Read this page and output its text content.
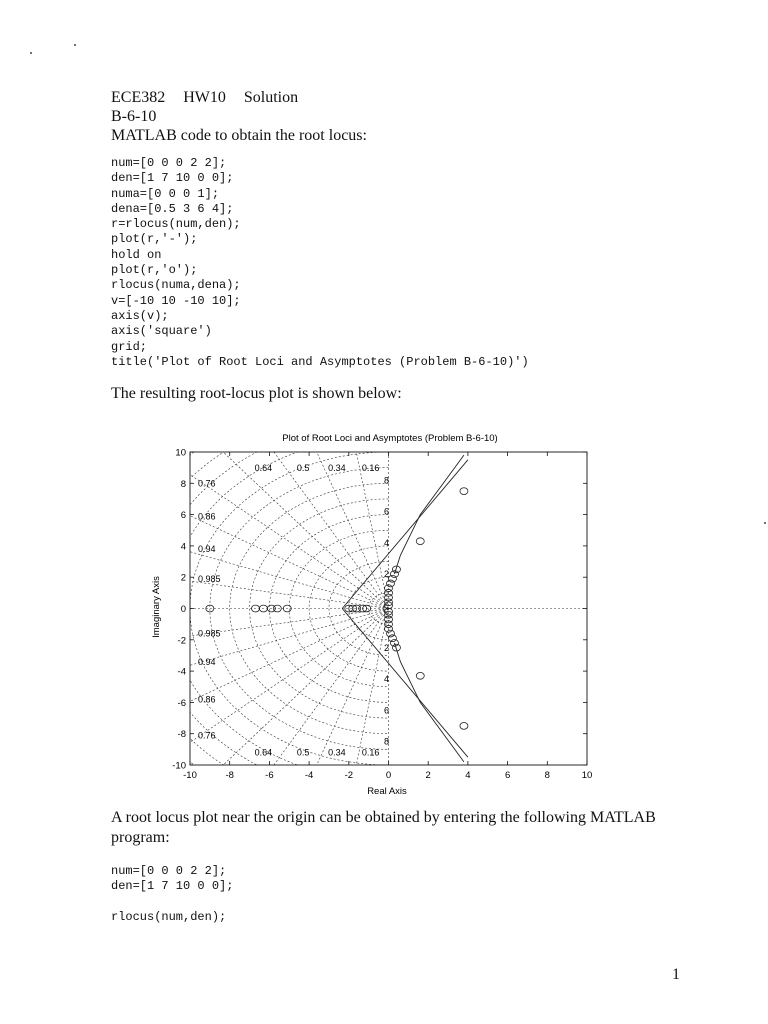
ECE382 HW10 Solution
B-6-10
MATLAB code to obtain the root locus:
num=[0 0 0 2 2];
den=[1 7 10 0 0];
numa=[0 0 0 1];
dena=[0.5 3 6 4];
r=rlocus(num,den);
plot(r,'-');
hold on
plot(r,'o');
rlocus(numa,dena);
v=[-10 10 -10 10];
axis(v);
axis('square')
grid;
title('Plot of Root Loci and Asymptotes (Problem B-6-10)')
The resulting root-locus plot is shown below:
Plot of Root Loci and Asymptotes (Problem B-6-10)
Imaginary Axis
Real Axis
0.64
0.64
0.5
0.5
0.34
0.34
0.16
0.16
0.76
0.76
0.86
0.86
0.94
0.94
0.985
0.985
2
2
4
4
6
6
8
8
-10	-8	-6	-4	-2	0	2	4	6	8	10
-10
-8
-6
-4
-2
0
2
4
6
8
10
A root locus plot near the origin can be obtained by entering the following MATLAB program:
num=[0 0 0 2 2];
den=[1 7 10 0 0];

rlocus(num,den);
1
